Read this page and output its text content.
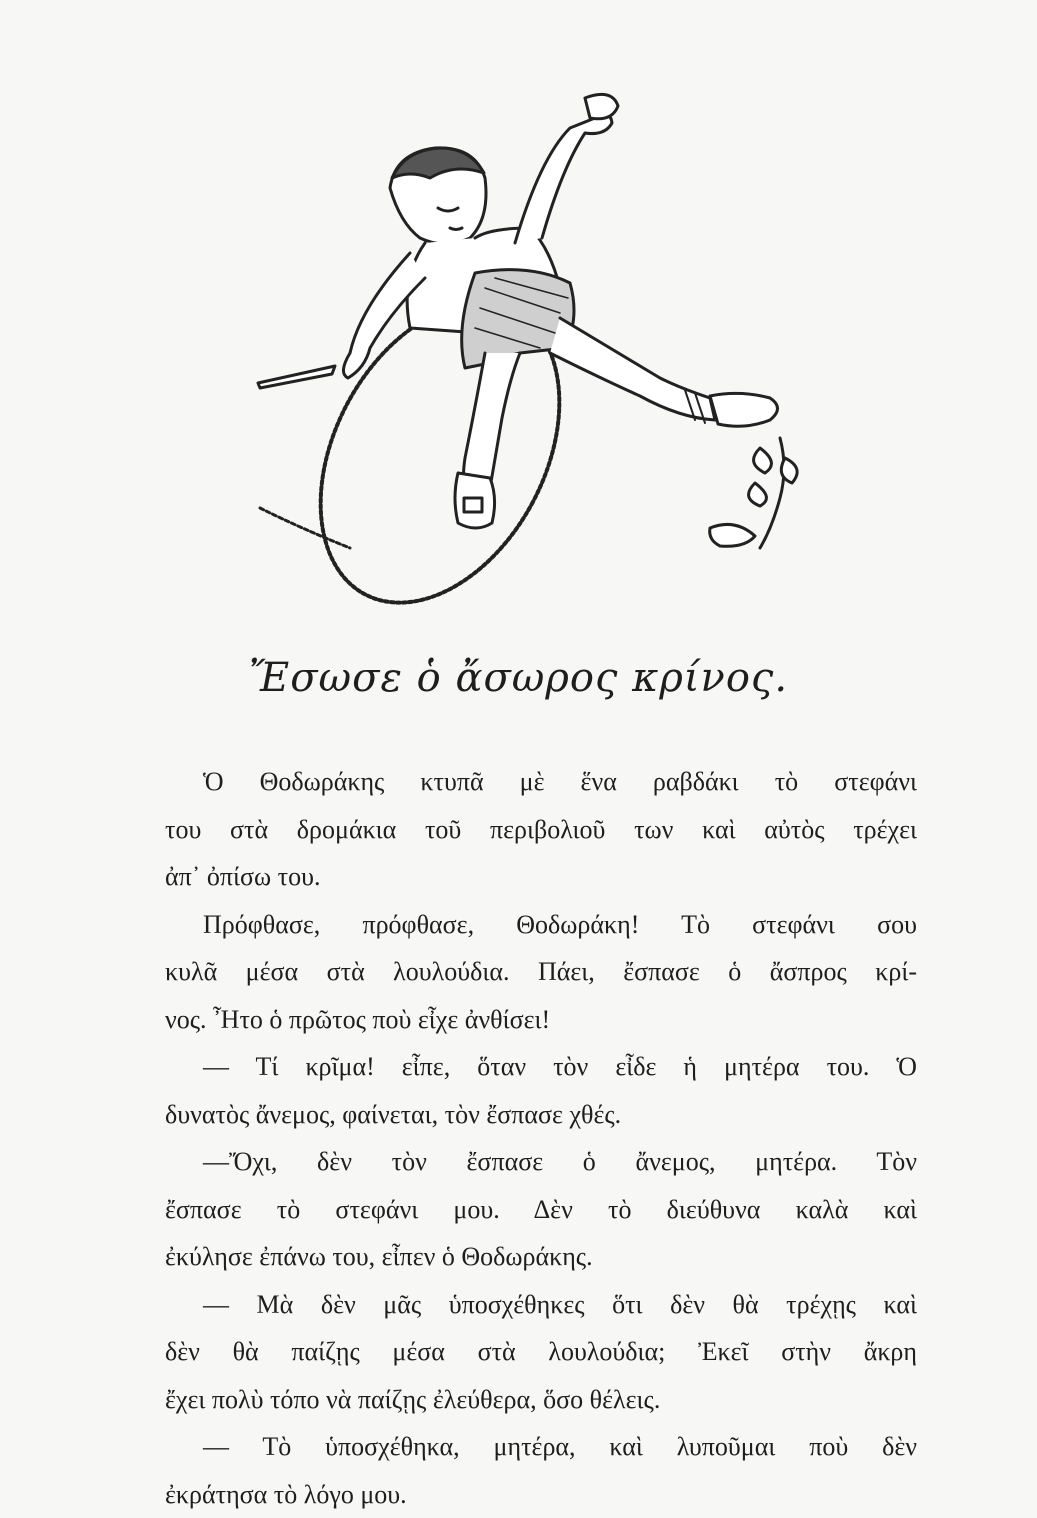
Ἔσωσε ὁ ἄσωρος κρίνος.

Ὁ Θοδωράκης κτυπᾶ μὲ ἕνα ραβδάκι τὸ στεφάνι
του στὰ δρομάκια τοῦ περιβολιοῦ των καὶ αὐτὸς τρέχει
ἀπ᾽ ὀπίσω του.

Πρόφθασε, πρόφθασε, Θοδωράκη! Τὸ στεφάνι σου
κυλᾶ μέσα στὰ λουλούδια. Πάει, ἔσπασε ὁ ἄσπρος κρί-
νος. Ἦτο ὁ πρῶτος ποὺ εἶχε ἀνθίσει!

— Τί κρῖμα! εἶπε, ὅταν τὸν εἶδε ἡ μητέρα του. Ὁ
δυνατὸς ἄνεμος, φαίνεται, τὸν ἔσπασε χθές.

—Ὄχι, δὲν τὸν ἔσπασε ὁ ἄνεμος, μητέρα. Τὸν
ἔσπασε τὸ στεφάνι μου. Δὲν τὸ διεύθυνα καλὰ καὶ
ἐκύλησε ἐπάνω του, εἶπεν ὁ Θοδωράκης.

— Μὰ δὲν μᾶς ὑποσχέθηκες ὅτι δὲν θὰ τρέχῃς καὶ
δὲν θὰ παίζῃς μέσα στὰ λουλούδια; Ἐκεῖ στὴν ἄκρη
ἔχει πολὺ τόπο νὰ παίζῃς ἐλεύθερα, ὅσο θέλεις.

— Τὸ ὑποσχέθηκα, μητέρα, καὶ λυποῦμαι ποὺ δὲν
ἐκράτησα τὸ λόγο μου.
